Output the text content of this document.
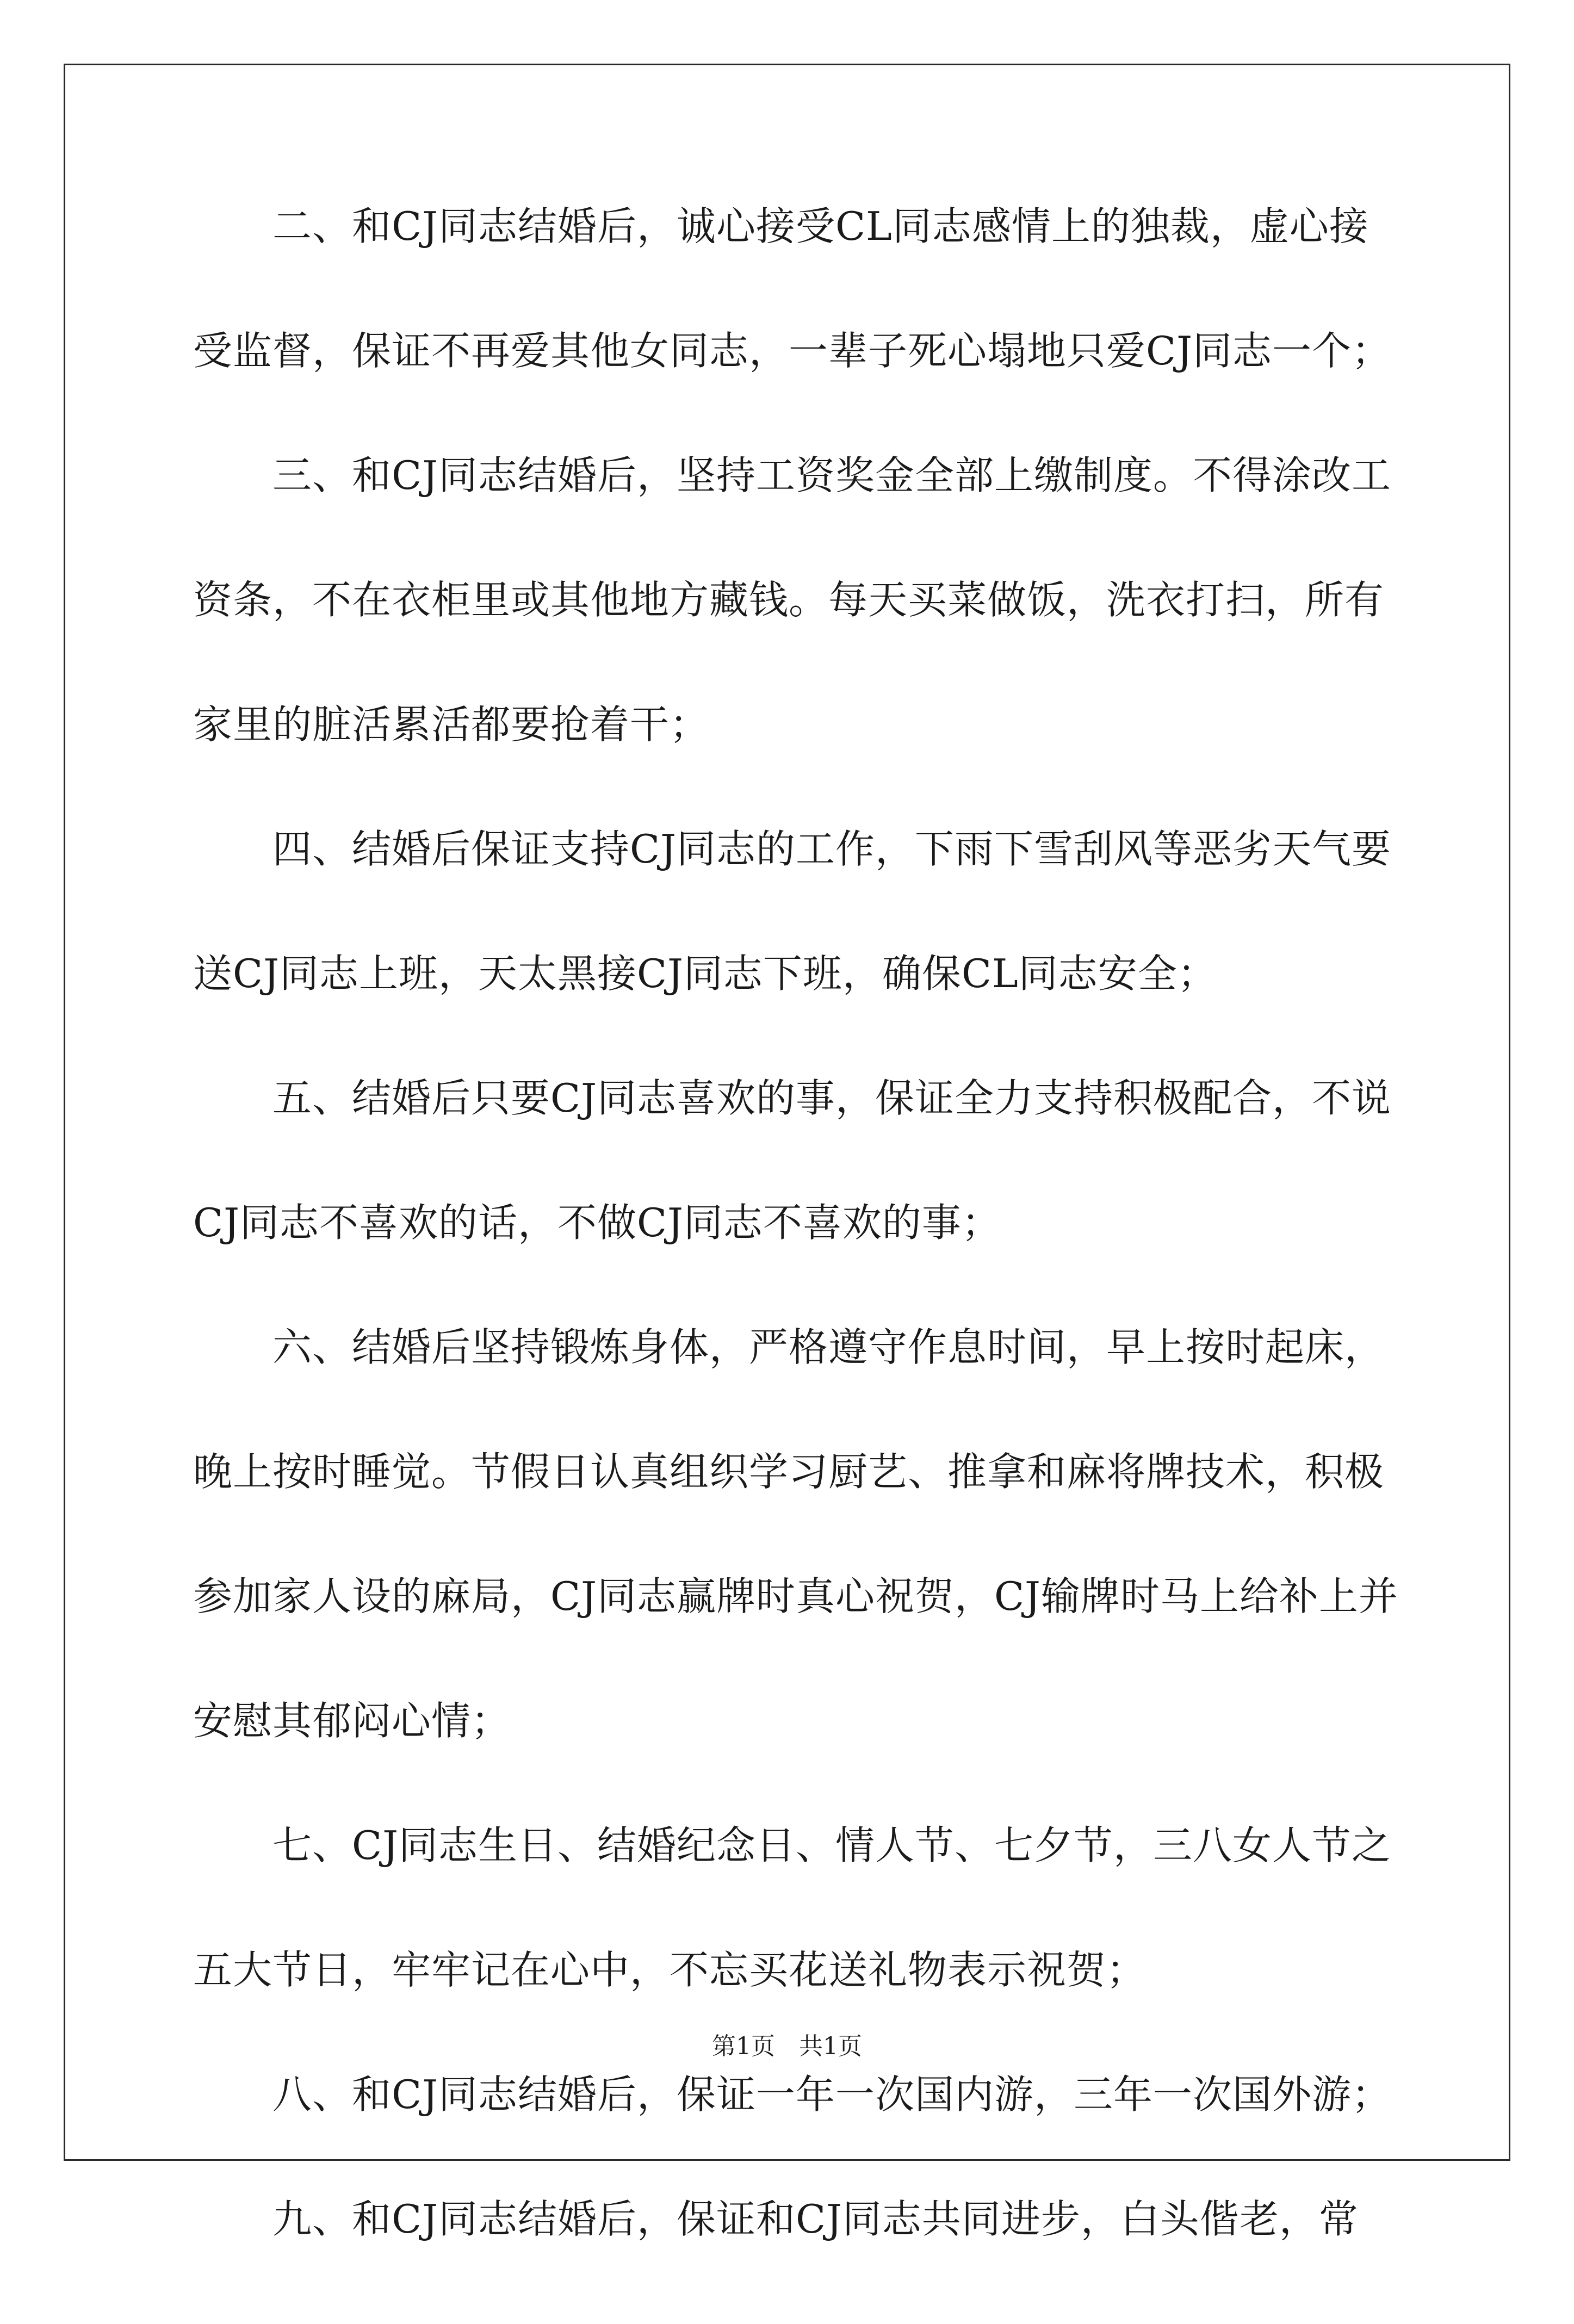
　　二、和CJ同志结婚后，诚心接受CL同志感情上的独裁，虚心接
受监督，保证不再爱其他女同志，一辈子死心塌地只爱CJ同志一个；
　　三、和CJ同志结婚后，坚持工资奖金全部上缴制度。不得涂改工
资条，不在衣柜里或其他地方藏钱。每天买菜做饭，洗衣打扫，所有
家里的脏活累活都要抢着干；
　　四、结婚后保证支持CJ同志的工作，下雨下雪刮风等恶劣天气要
送CJ同志上班，天太黑接CJ同志下班，确保CL同志安全；
　　五、结婚后只要CJ同志喜欢的事，保证全力支持积极配合，不说
CJ同志不喜欢的话，不做CJ同志不喜欢的事；
　　六、结婚后坚持锻炼身体，严格遵守作息时间，早上按时起床，
晚上按时睡觉。节假日认真组织学习厨艺、推拿和麻将牌技术，积极
参加家人设的麻局，CJ同志赢牌时真心祝贺，CJ输牌时马上给补上并
安慰其郁闷心情；
　　七、CJ同志生日、结婚纪念日、情人节、七夕节，三八女人节之
五大节日，牢牢记在心中，不忘买花送礼物表示祝贺；
　　八、和CJ同志结婚后，保证一年一次国内游，三年一次国外游；
　　九、和CJ同志结婚后，保证和CJ同志共同进步，白头偕老，常
第1页　共1页
